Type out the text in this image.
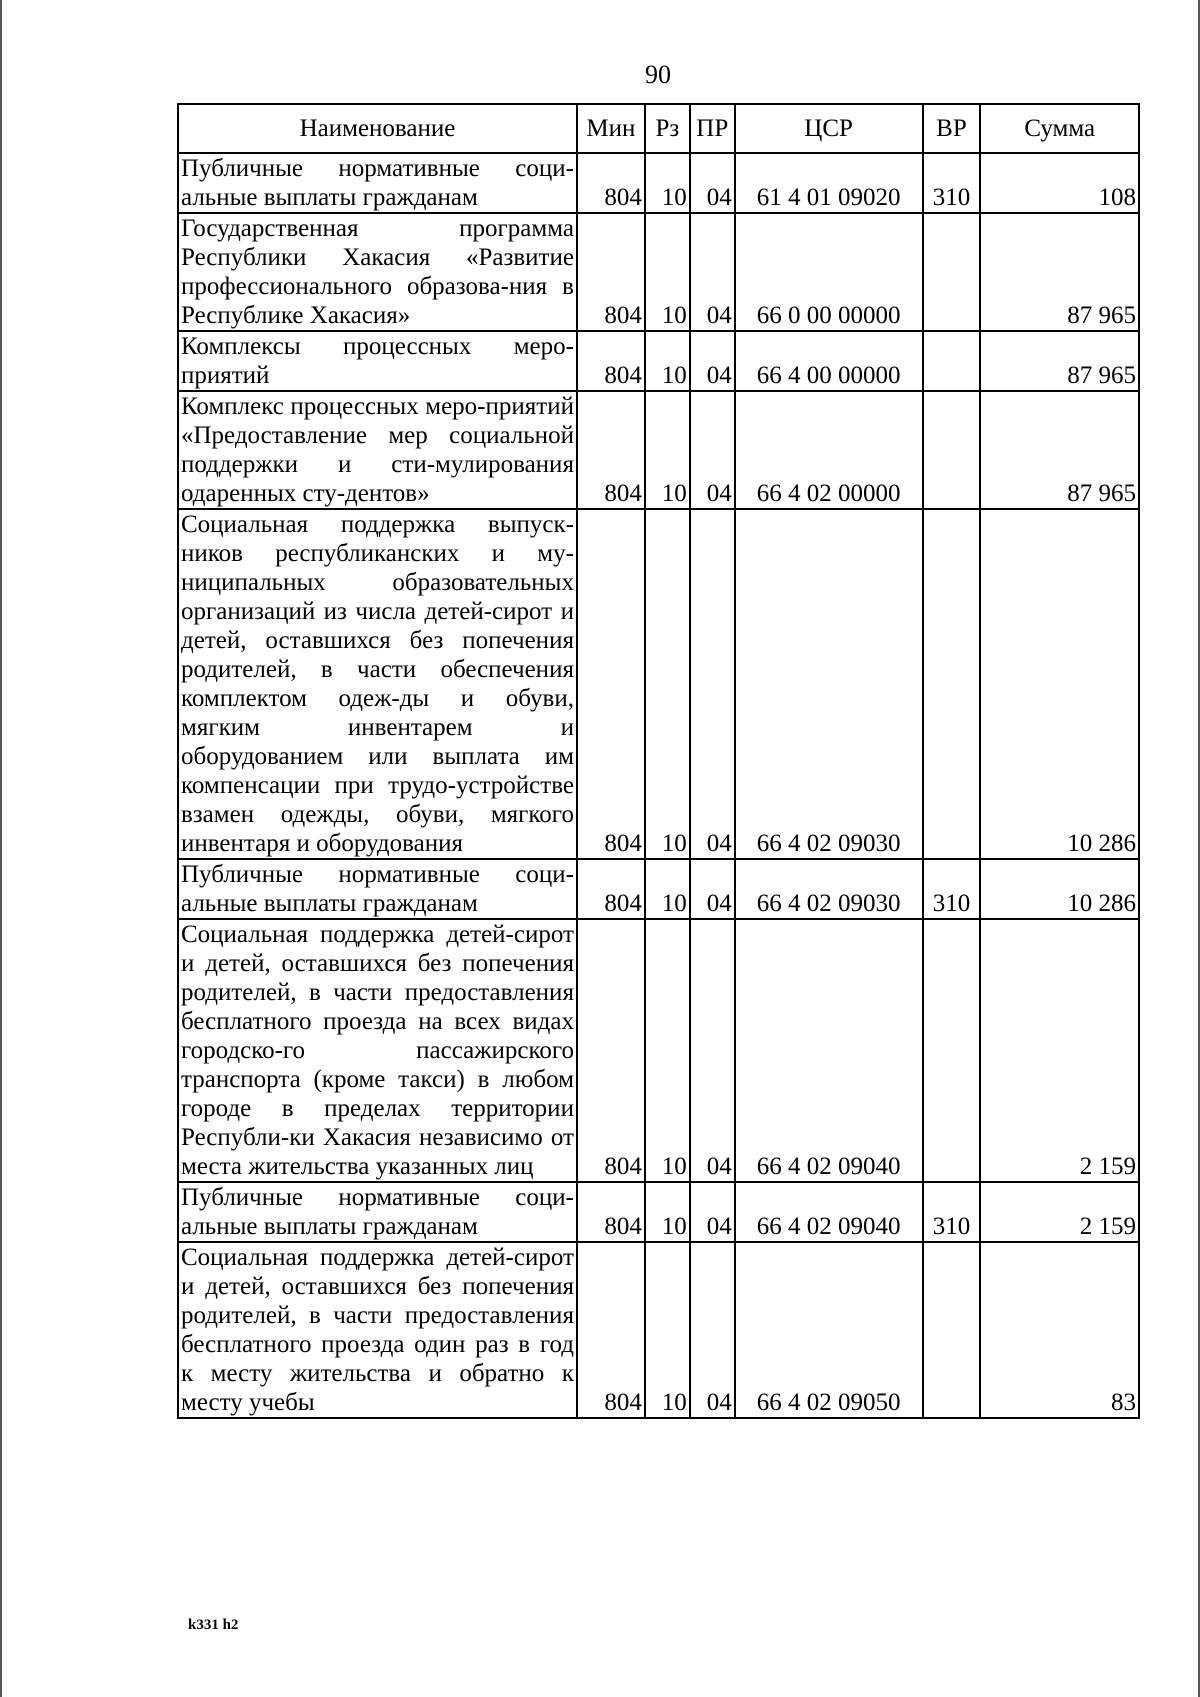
90
Наименование	Мин	Рз	ПР	ЦСР	ВР	Сумма
Публичные нормативные соци-альные выплаты гражданам	804	10	04	61 4 01 09020	310	108
Государственная программа Республики Хакасия «Развитие профессионального образова-ния в Республике Хакасия»	804	10	04	66 0 00 00000		87 965
Комплексы процессных меро-приятий	804	10	04	66 4 00 00000		87 965
Комплекс процессных меро-приятий «Предоставление мер социальной поддержки и сти-мулирования одаренных сту-дентов»	804	10	04	66 4 02 00000		87 965
Социальная поддержка выпуск-ников республиканских и му-ниципальных образовательных организаций из числа детей-сирот и детей, оставшихся без попечения родителей, в части обеспечения комплектом одеж-ды и обуви, мягким инвентарем и оборудованием или выплата им компенсации при трудо-устройстве взамен одежды, обуви, мягкого инвентаря и оборудования	804	10	04	66 4 02 09030		10 286
Публичные нормативные соци-альные выплаты гражданам	804	10	04	66 4 02 09030	310	10 286
Социальная поддержка детей-сирот и детей, оставшихся без попечения родителей, в части предоставления бесплатного проезда на всех видах городско-го пассажирского транспорта (кроме такси) в любом городе в пределах территории Республи-ки Хакасия независимо от места жительства указанных лиц	804	10	04	66 4 02 09040		2 159
Публичные нормативные соци-альные выплаты гражданам	804	10	04	66 4 02 09040	310	2 159
Социальная поддержка детей-сирот и детей, оставшихся без попечения родителей, в части предоставления бесплатного проезда один раз в год к месту жительства и обратно к месту учебы	804	10	04	66 4 02 09050		83
k331 h2
